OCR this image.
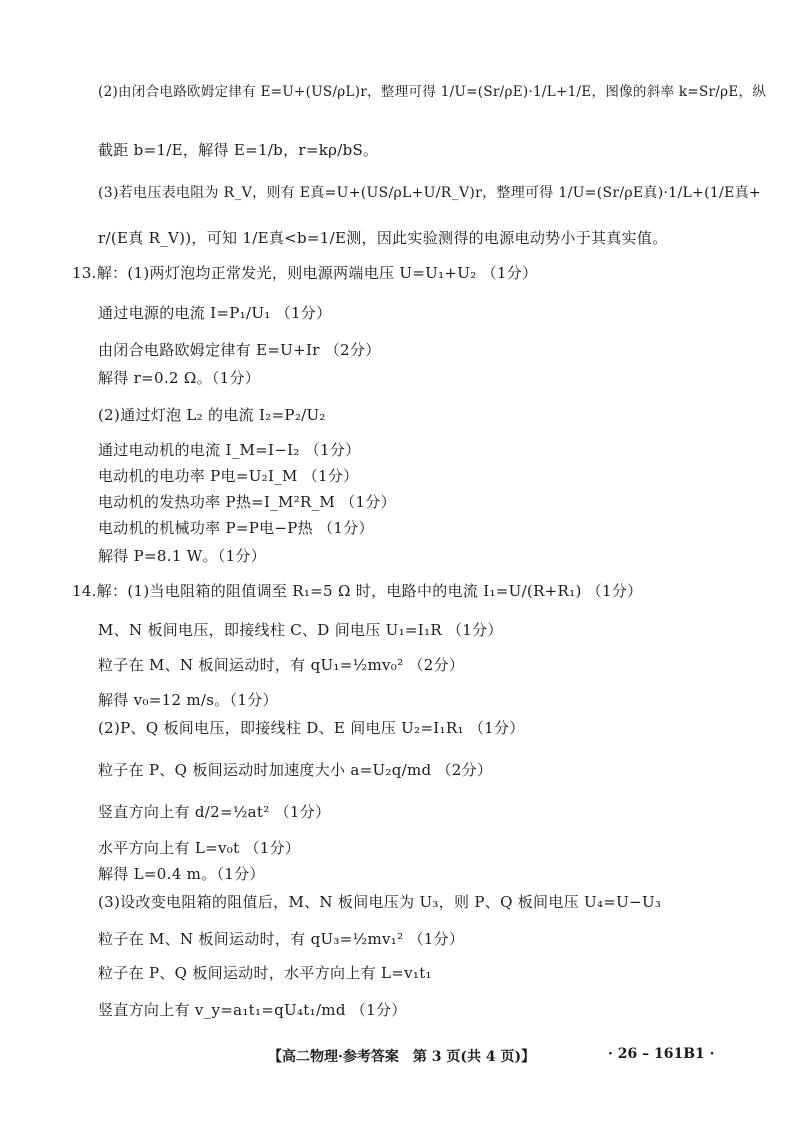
(2)由闭合电路欧姆定律有 E=U+(US/ρL)r，整理可得 1/U=(Sr/ρE)·1/L+1/E，图像的斜率 k=Sr/ρE，纵
截距 b=1/E，解得 E=1/b，r=kρ/bS。
(3)若电压表电阻为 R_V，则有 E真=U+(US/ρL+U/R_V)r，整理可得 1/U=(Sr/ρE真)·1/L+(1/E真+
r/(E真 R_V))，可知 1/E真<b=1/E测，因此实验测得的电源电动势小于其真实值。
13.解：(1)两灯泡均正常发光，则电源两端电压 U=U₁+U₂ （1分）
通过电源的电流 I=P₁/U₁ （1分）
由闭合电路欧姆定律有 E=U+Ir （2分）
解得 r=0.2 Ω。（1分）
(2)通过灯泡 L₂ 的电流 I₂=P₂/U₂
通过电动机的电流 I_M=I−I₂ （1分）
电动机的电功率 P电=U₂I_M （1分）
电动机的发热功率 P热=I_M²R_M （1分）
电动机的机械功率 P=P电−P热 （1分）
解得 P=8.1 W。（1分）
14.解：(1)当电阻箱的阻值调至 R₁=5 Ω 时，电路中的电流 I₁=U/(R+R₁) （1分）
M、N 板间电压，即接线柱 C、D 间电压 U₁=I₁R （1分）
粒子在 M、N 板间运动时，有 qU₁=½mv₀² （2分）
解得 v₀=12 m/s。（1分）
(2)P、Q 板间电压，即接线柱 D、E 间电压 U₂=I₁R₁ （1分）
粒子在 P、Q 板间运动时加速度大小 a=U₂q/md （2分）
竖直方向上有 d/2=½at² （1分）
水平方向上有 L=v₀t （1分）
解得 L=0.4 m。（1分）
(3)设改变电阻箱的阻值后，M、N 板间电压为 U₃，则 P、Q 板间电压 U₄=U−U₃
粒子在 M、N 板间运动时，有 qU₃=½mv₁² （1分）
粒子在 P、Q 板间运动时，水平方向上有 L=v₁t₁
竖直方向上有 v_y=a₁t₁=qU₄t₁/md （1分）
【高二物理·参考答案　第 3 页(共 4 页)】	· 26 – 161B1 ·
